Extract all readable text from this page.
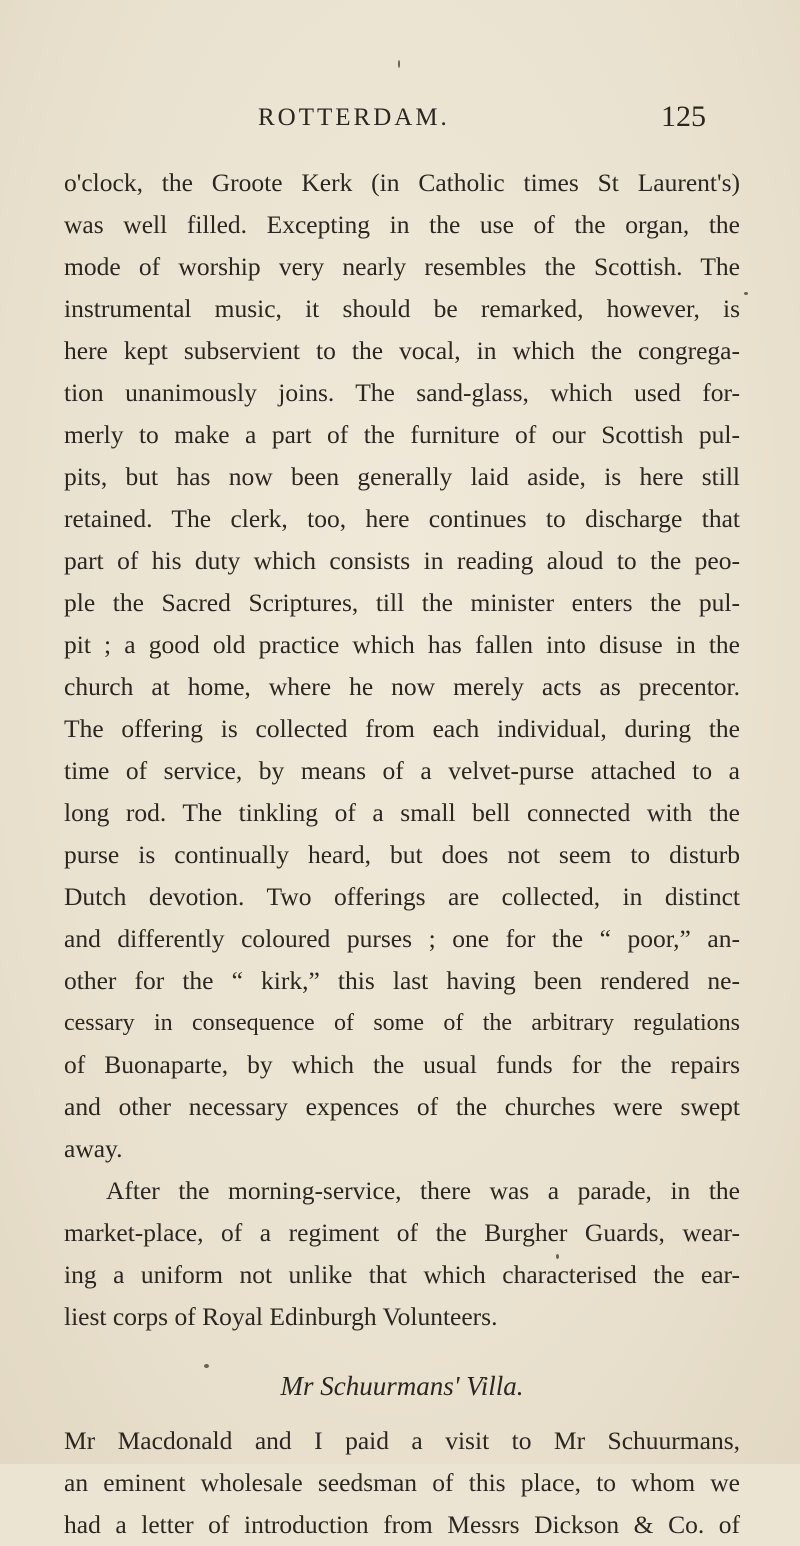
ROTTERDAM.	125
o'clock, the Groote Kerk (in Catholic times St Laurent's)
was well filled. Excepting in the use of the organ, the
mode of worship very nearly resembles the Scottish. The
instrumental music, it should be remarked, however, is
here kept subservient to the vocal, in which the congrega-
tion unanimously joins. The sand-glass, which used for-
merly to make a part of the furniture of our Scottish pul-
pits, but has now been generally laid aside, is here still
retained. The clerk, too, here continues to discharge that
part of his duty which consists in reading aloud to the peo-
ple the Sacred Scriptures, till the minister enters the pul-
pit ; a good old practice which has fallen into disuse in the
church at home, where he now merely acts as precentor.
The offering is collected from each individual, during the
time of service, by means of a velvet-purse attached to a
long rod. The tinkling of a small bell connected with the
purse is continually heard, but does not seem to disturb
Dutch devotion. Two offerings are collected, in distinct
and differently coloured purses ; one for the “ poor,” an-
other for the “ kirk,” this last having been rendered ne-
cessary in consequence of some of the arbitrary regulations
of Buonaparte, by which the usual funds for the repairs
and other necessary expences of the churches were swept
away.
After the morning-service, there was a parade, in the
market-place, of a regiment of the Burgher Guards, wear-
ing a uniform not unlike that which characterised the ear-
liest corps of Royal Edinburgh Volunteers.
Mr Schuurmans' Villa.
Mr Macdonald and I paid a visit to Mr Schuurmans,
an eminent wholesale seedsman of this place, to whom we
had a letter of introduction from Messrs Dickson & Co. of
